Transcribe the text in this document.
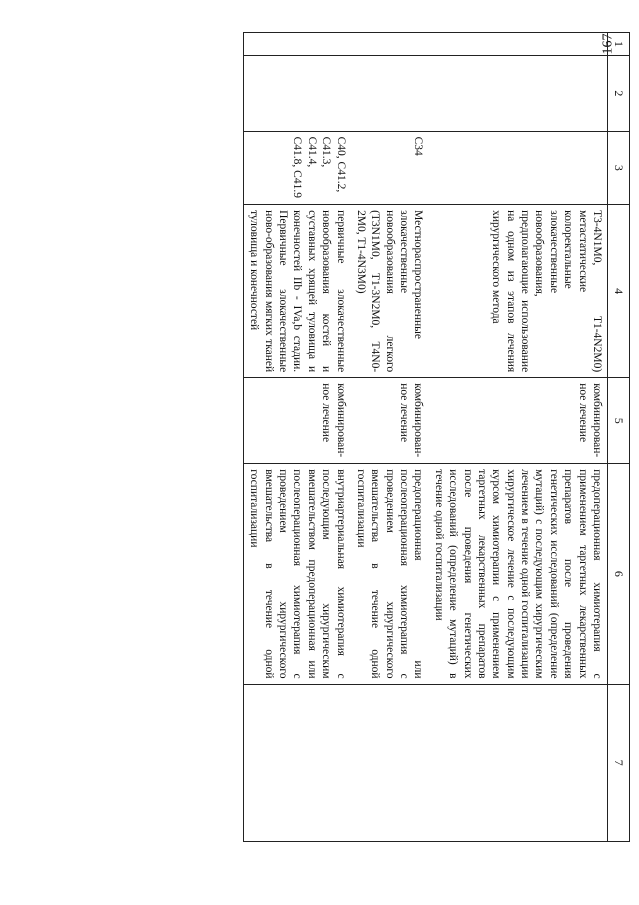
167
1	2	3	4	5	6	7
			T3-4N1M0, T1-4N2M0) метастатические колоректальные злокачественные новообразования, предполагающие использование на одном из этапов лечения хирургического метода	комбинирован-ное лечение	предоперационная химиотерапия с применением таргетных лекарственных препаратов после проведения генетических исследований (определение мутаций) с последующим хирургическим лечением в течение одной госпитализации хирургическое лечение с последующим курсом химиотерапии с применением таргетных лекарственных препаратов после проведения генетических исследований (определение мутаций) в течение одной госпитализации	
		C34	Местнораспространенные злокачественные новообразования легкого (T3N1M0, T1-3N2M0, T4N0-2M0, T1-4N3M0)	комбинирован-ное лечение	предоперационная или послеоперационная химиотерапия с проведением хирургического вмешательства в течение одной госпитализации	
		C40, C41.2, C41.3, C41.4, C41.8, C41.9	первичные злокачественные новообразования костей и суставных хрящей туловища и конечностей IIb - IVa,b стадии. Первичные злокачественные ново-образования мягких тканей туловища и конечностей	комбинирован-ное лечение	внутриартериальная химиотерапия с последующим хирургическим вмешательством предоперационная или послеоперационная химиотерапия с проведением хирургического вмешательства в течение одной госпитализации	
